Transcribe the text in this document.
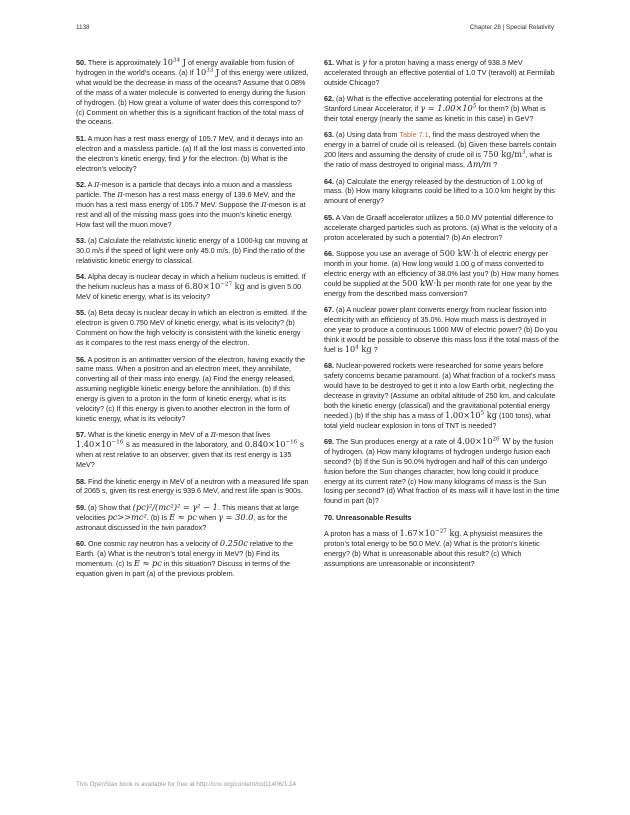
1138	Chapter 28 | Special Relativity

50. There is approximately $10^{34}$ J of energy available from fusion of hydrogen in the world’s oceans. (a) If $10^{33}$ J of this energy were utilized, what would be the decrease in mass of the oceans? Assume that 0.08% of the mass of a water molecule is converted to energy during the fusion of hydrogen. (b) How great a volume of water does this correspond to? (c) Comment on whether this is a significant fraction of the total mass of the oceans.

51. A muon has a rest mass energy of 105.7 MeV, and it decays into an electron and a massless particle. (a) If all the lost mass is converted into the electron’s kinetic energy, find γ for the electron. (b) What is the electron’s velocity?

52. A π-meson is a particle that decays into a muon and a massless particle. The π-meson has a rest mass energy of 139.6 MeV, and the muon has a rest mass energy of 105.7 MeV. Suppose the π-meson is at rest and all of the missing mass goes into the muon’s kinetic energy. How fast will the muon move?

53. (a) Calculate the relativistic kinetic energy of a 1000-kg car moving at 30.0 m/s if the speed of light were only 45.0 m/s. (b) Find the ratio of the relativistic kinetic energy to classical.

54. Alpha decay is nuclear decay in which a helium nucleus is emitted. If the helium nucleus has a mass of $6.80\times 10^{-27}$ kg and is given 5.00 MeV of kinetic energy, what is its velocity?

55. (a) Beta decay is nuclear decay in which an electron is emitted. If the electron is given 0.750 MeV of kinetic energy, what is its velocity? (b) Comment on how the high velocity is consistent with the kinetic energy as it compares to the rest mass energy of the electron.

56. A positron is an antimatter version of the electron, having exactly the same mass. When a positron and an electron meet, they annihilate, converting all of their mass into energy. (a) Find the energy released, assuming negligible kinetic energy before the annihilation. (b) If this energy is given to a proton in the form of kinetic energy, what is its velocity? (c) If this energy is given to another electron in the form of kinetic energy, what is its velocity?

57. What is the kinetic energy in MeV of a π-meson that lives $1.40\times 10^{-16}$ s as measured in the laboratory, and $0.840\times 10^{-16}$ s when at rest relative to an observer, given that its rest energy is 135 MeV?

58. Find the kinetic energy in MeV of a neutron with a measured life span of 2065 s, given its rest energy is 939.6 MeV, and rest life span is 900s.

59. (a) Show that (pc)²/(mc²)² = γ² − 1. This means that at large velocities pc>>mc². (b) Is E ≈ pc when γ = 30.0, as for the astronaut discussed in the twin paradox?

60. One cosmic ray neutron has a velocity of 0.250c relative to the Earth. (a) What is the neutron’s total energy in MeV? (b) Find its momentum. (c) Is E ≈ pc in this situation? Discuss in terms of the equation given in part (a) of the previous problem.

61. What is γ for a proton having a mass energy of 938.3 MeV accelerated through an effective potential of 1.0 TV (teravolt) at Fermilab outside Chicago?

62. (a) What is the effective accelerating potential for electrons at the Stanford Linear Accelerator, if $\gamma = 1.00\times 10^5$ for them? (b) What is their total energy (nearly the same as kinetic in this case) in GeV?

63. (a) Using data from Table 7.1, find the mass destroyed when the energy in a barrel of crude oil is released. (b) Given these barrels contain 200 liters and assuming the density of crude oil is 750 $kg/m^3$, what is the ratio of mass destroyed to original mass, Δm/m ?

64. (a) Calculate the energy released by the destruction of 1.00 kg of mass. (b) How many kilograms could be lifted to a 10.0 km height by this amount of energy?

65. A Van de Graaff accelerator utilizes a 50.0 MV potential difference to accelerate charged particles such as protons. (a) What is the velocity of a proton accelerated by such a potential? (b) An electron?

66. Suppose you use an average of 500 kW·h of electric energy per month in your home. (a) How long would 1.00 g of mass converted to electric energy with an efficiency of 38.0% last you? (b) How many homes could be supplied at the 500 kW·h per month rate for one year by the energy from the described mass conversion?

67. (a) A nuclear power plant converts energy from nuclear fission into electricity with an efficiency of 35.0%. How much mass is destroyed in one year to produce a continuous 1000 MW of electric power? (b) Do you think it would be possible to observe this mass loss if the total mass of the fuel is $10^4$ kg ?

68. Nuclear-powered rockets were researched for some years before safety concerns became paramount. (a) What fraction of a rocket’s mass would have to be destroyed to get it into a low Earth orbit, neglecting the decrease in gravity? (Assume an orbital altitude of 250 km, and calculate both the kinetic energy (classical) and the gravitational potential energy needed.) (b) If the ship has a mass of $1.00\times 10^5$ kg (100 tons), what total yield nuclear explosion in tons of TNT is needed?

69. The Sun produces energy at a rate of $4.00\times 10^{26}$ W by the fusion of hydrogen. (a) How many kilograms of hydrogen undergo fusion each second? (b) If the Sun is 90.0% hydrogen and half of this can undergo fusion before the Sun changes character, how long could it produce energy at its current rate? (c) How many kilograms of mass is the Sun losing per second? (d) What fraction of its mass will it have lost in the time found in part (b)?

70. Unreasonable Results

A proton has a mass of $1.67\times 10^{-27}$ kg. A physicist measures the proton’s total energy to be 50.0 MeV. (a) What is the proton’s kinetic energy? (b) What is unreasonable about this result? (c) Which assumptions are unreasonable or inconsistent?

This OpenStax book is available for free at http://cnx.org/content/col11406/1.14
